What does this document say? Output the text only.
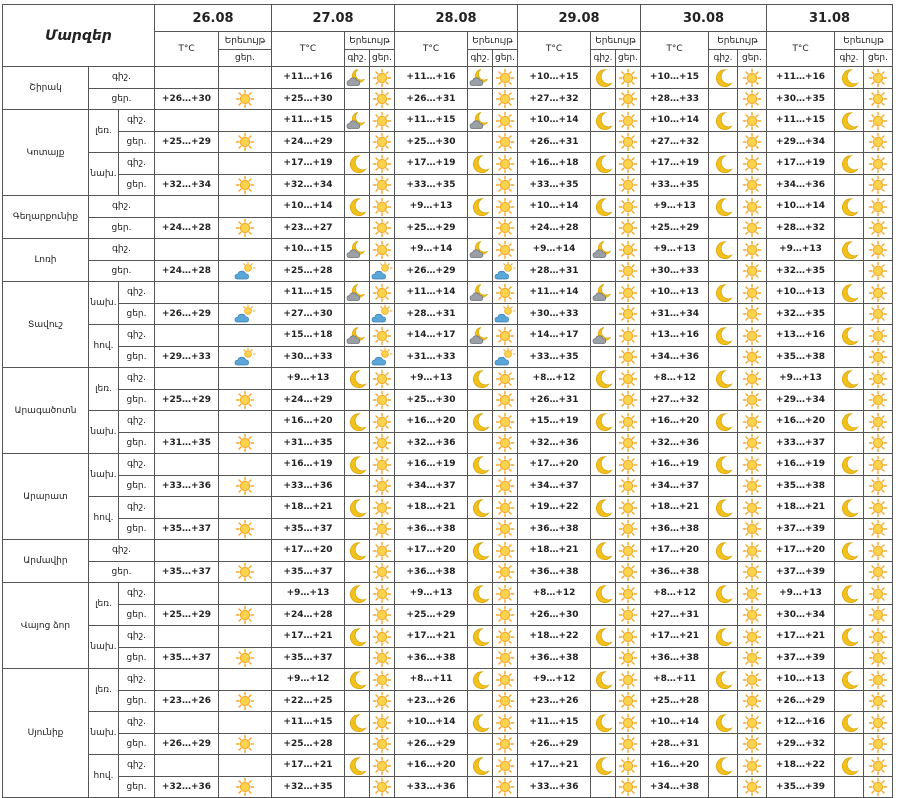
Մարզեր			26.08		27.08			28.08			29.08			30.08			31.08		
			T°C	Երեւույթ	T°C	Երեւույթ		T°C	Երեւույթ		T°C	Երեւույթ		T°C	Երեւույթ		T°C	Երեւույթ	
				ցեր.		գիշ.	ցեր.		գիշ.	ցեր.		գիշ.	ցեր.		գիշ.	ցեր.		գիշ.	ցեր.
Շիրակ	գիշ.				+11…+16			+11…+16			+10…+15			+10…+15			+11…+16	

	ցեր.		+26…+30		+25…+30			+26…+31			+27…+32			+28…+33			+30…+35		

Կոտայք	լեռ.	գիշ.			+11…+15			+11…+15			+10…+14			+10…+14			+11…+15	

		ցեր.	+25…+29		+24…+29			+25…+30			+26…+31			+27…+32			+29…+34		

	նախ.	գիշ.			+17…+19			+17…+19			+16…+18			+17…+19			+17…+19	

		ցեր.	+32…+34		+32…+34			+33…+35			+33…+35			+33…+35			+34…+36		

Գեղարքունիք	գիշ.				+10…+14			+9…+13			+10…+14			+9…+13			+10…+14	

	ցեր.		+24…+28		+23…+27			+25…+29			+24…+28			+25…+29			+28…+32		

Լոռի	գիշ.				+10…+15			+9…+14			+9…+14			+9…+13			+9…+13	

	ցեր.		+24…+28		+25…+28			+26…+29			+28…+31			+30…+33			+32…+35		

Տավուշ	նախ.	գիշ.			+11…+15			+11…+14			+11…+14			+10…+13			+10…+13	

		ցեր.	+26…+29		+27…+30			+28…+31			+30…+33			+31…+34			+32…+35		

	հով.	գիշ.			+15…+18			+14…+17			+14…+17			+13…+16			+13…+16	

		ցեր.	+29…+33		+30…+33			+31…+33			+33…+35			+34…+36			+35…+38		

Արագածոտն	լեռ.	գիշ.			+9…+13			+9…+13			+8…+12			+8…+12			+9…+13	

		ցեր.	+25…+29		+24…+29			+25…+30			+26…+31			+27…+32			+29…+34		

	նախ.	գիշ.			+16…+20			+16…+20			+15…+19			+16…+20			+16…+20	

		ցեր.	+31…+35		+31…+35			+32…+36			+32…+36			+32…+36			+33…+37		

Արարատ	նախ.	գիշ.			+16…+19			+16…+19			+17…+20			+16…+19			+16…+19	

		ցեր.	+33…+36		+33…+36			+34…+37			+34…+37			+34…+37			+35…+38		

	հով.	գիշ.			+18…+21			+18…+21			+19…+22			+18…+21			+18…+21	

		ցեր.	+35…+37		+35…+37			+36…+38			+36…+38			+36…+38			+37…+39		

Արմավիր	գիշ.				+17…+20			+17…+20			+18…+21			+17…+20			+17…+20	

	ցեր.		+35…+37		+35…+37			+36…+38			+36…+38			+36…+38			+37…+39		

Վայոց ձոր	լեռ.	գիշ.			+9…+13			+9…+13			+8…+12			+8…+12			+9…+13	

		ցեր.	+25…+29		+24…+28			+25…+29			+26…+30			+27…+31			+30…+34		

	նախ.	գիշ.			+17…+21			+17…+21			+18…+22			+17…+21			+17…+21	

		ցեր.	+35…+37		+35…+37			+36…+38			+36…+38			+36…+38			+37…+39		

Սյունիք	լեռ.	գիշ.			+9…+12			+8…+11			+9…+12			+8…+11			+10…+13	

		ցեր.	+23…+26		+22…+25			+23…+26			+23…+26			+25…+28			+26…+29		

	նախ.	գիշ.			+11…+15			+10…+14			+11…+15			+10…+14			+12…+16	

		ցեր.	+26…+29		+25…+28			+26…+29			+26…+29			+28…+31			+29…+32		

	հով.	գիշ.			+17…+21			+16…+20			+17…+21			+16…+20			+18…+22	

		ցեր.	+32…+36		+32…+35			+33…+36			+33…+36			+34…+38			+35…+39		
